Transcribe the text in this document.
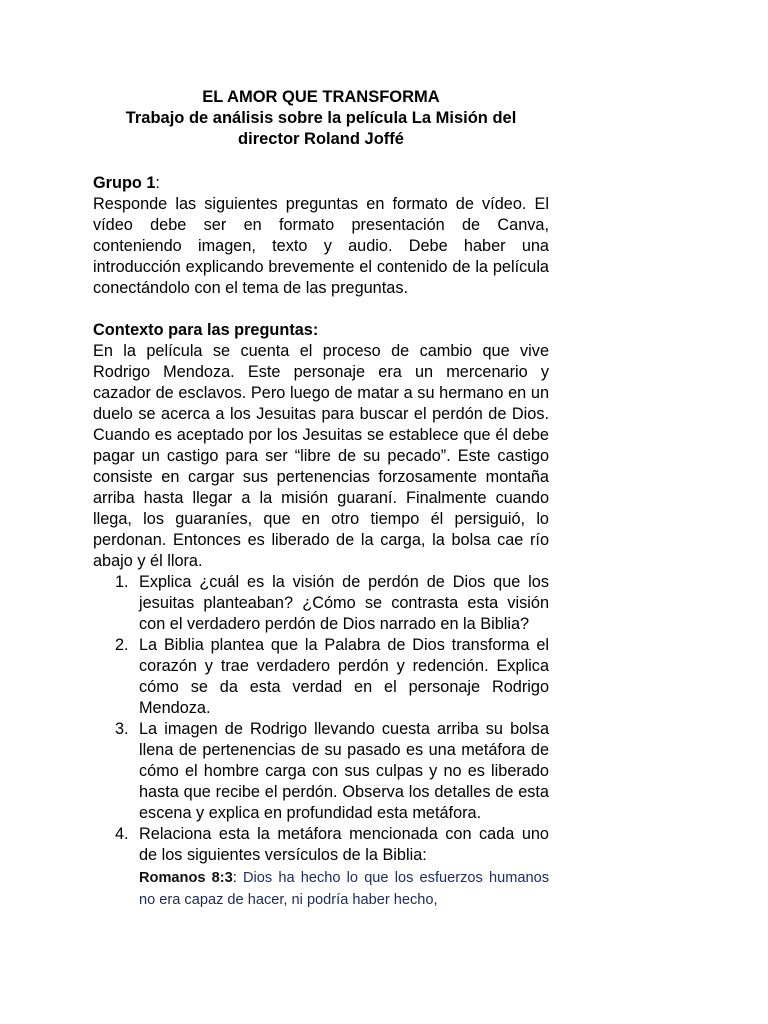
EL AMOR QUE TRANSFORMA
Trabajo de análisis sobre la película La Misión del
director Roland Joffé
Grupo 1:

Responde las siguientes preguntas en formato de vídeo. El vídeo debe ser en formato presentación de Canva, conteniendo imagen, texto y audio. Debe haber una introducción explicando brevemente el contenido de la película conectándolo con el tema de las preguntas.

Contexto para las preguntas:

En la película se cuenta el proceso de cambio que vive Rodrigo Mendoza. Este personaje era un mercenario y cazador de esclavos. Pero luego de matar a su hermano en un duelo se acerca a los Jesuitas para buscar el perdón de Dios. Cuando es aceptado por los Jesuitas se establece que él debe pagar un castigo para ser “libre de su pecado”. Este castigo consiste en cargar sus pertenencias forzosamente montaña arriba hasta llegar a la misión guaraní. Finalmente cuando llega, los guaraníes, que en otro tiempo él persiguió, lo perdonan. Entonces es liberado de la carga, la bolsa cae río abajo y él llora.

1. Explica ¿cuál es la visión de perdón de Dios que los jesuitas planteaban? ¿Cómo se contrasta esta visión con el verdadero perdón de Dios narrado en la Biblia?
2. La Biblia plantea que la Palabra de Dios transforma el corazón y trae verdadero perdón y redención. Explica cómo se da esta verdad en el personaje Rodrigo Mendoza.
3. La imagen de Rodrigo llevando cuesta arriba su bolsa llena de pertenencias de su pasado es una metáfora de cómo el hombre carga con sus culpas y no es liberado hasta que recibe el perdón. Observa los detalles de esta escena y explica en profundidad esta metáfora.
4. Relaciona esta la metáfora mencionada con cada uno de los siguientes versículos de la Biblia:
Romanos 8:3: Dios ha hecho lo que los esfuerzos humanos no era capaz de hacer, ni podría haber hecho,
